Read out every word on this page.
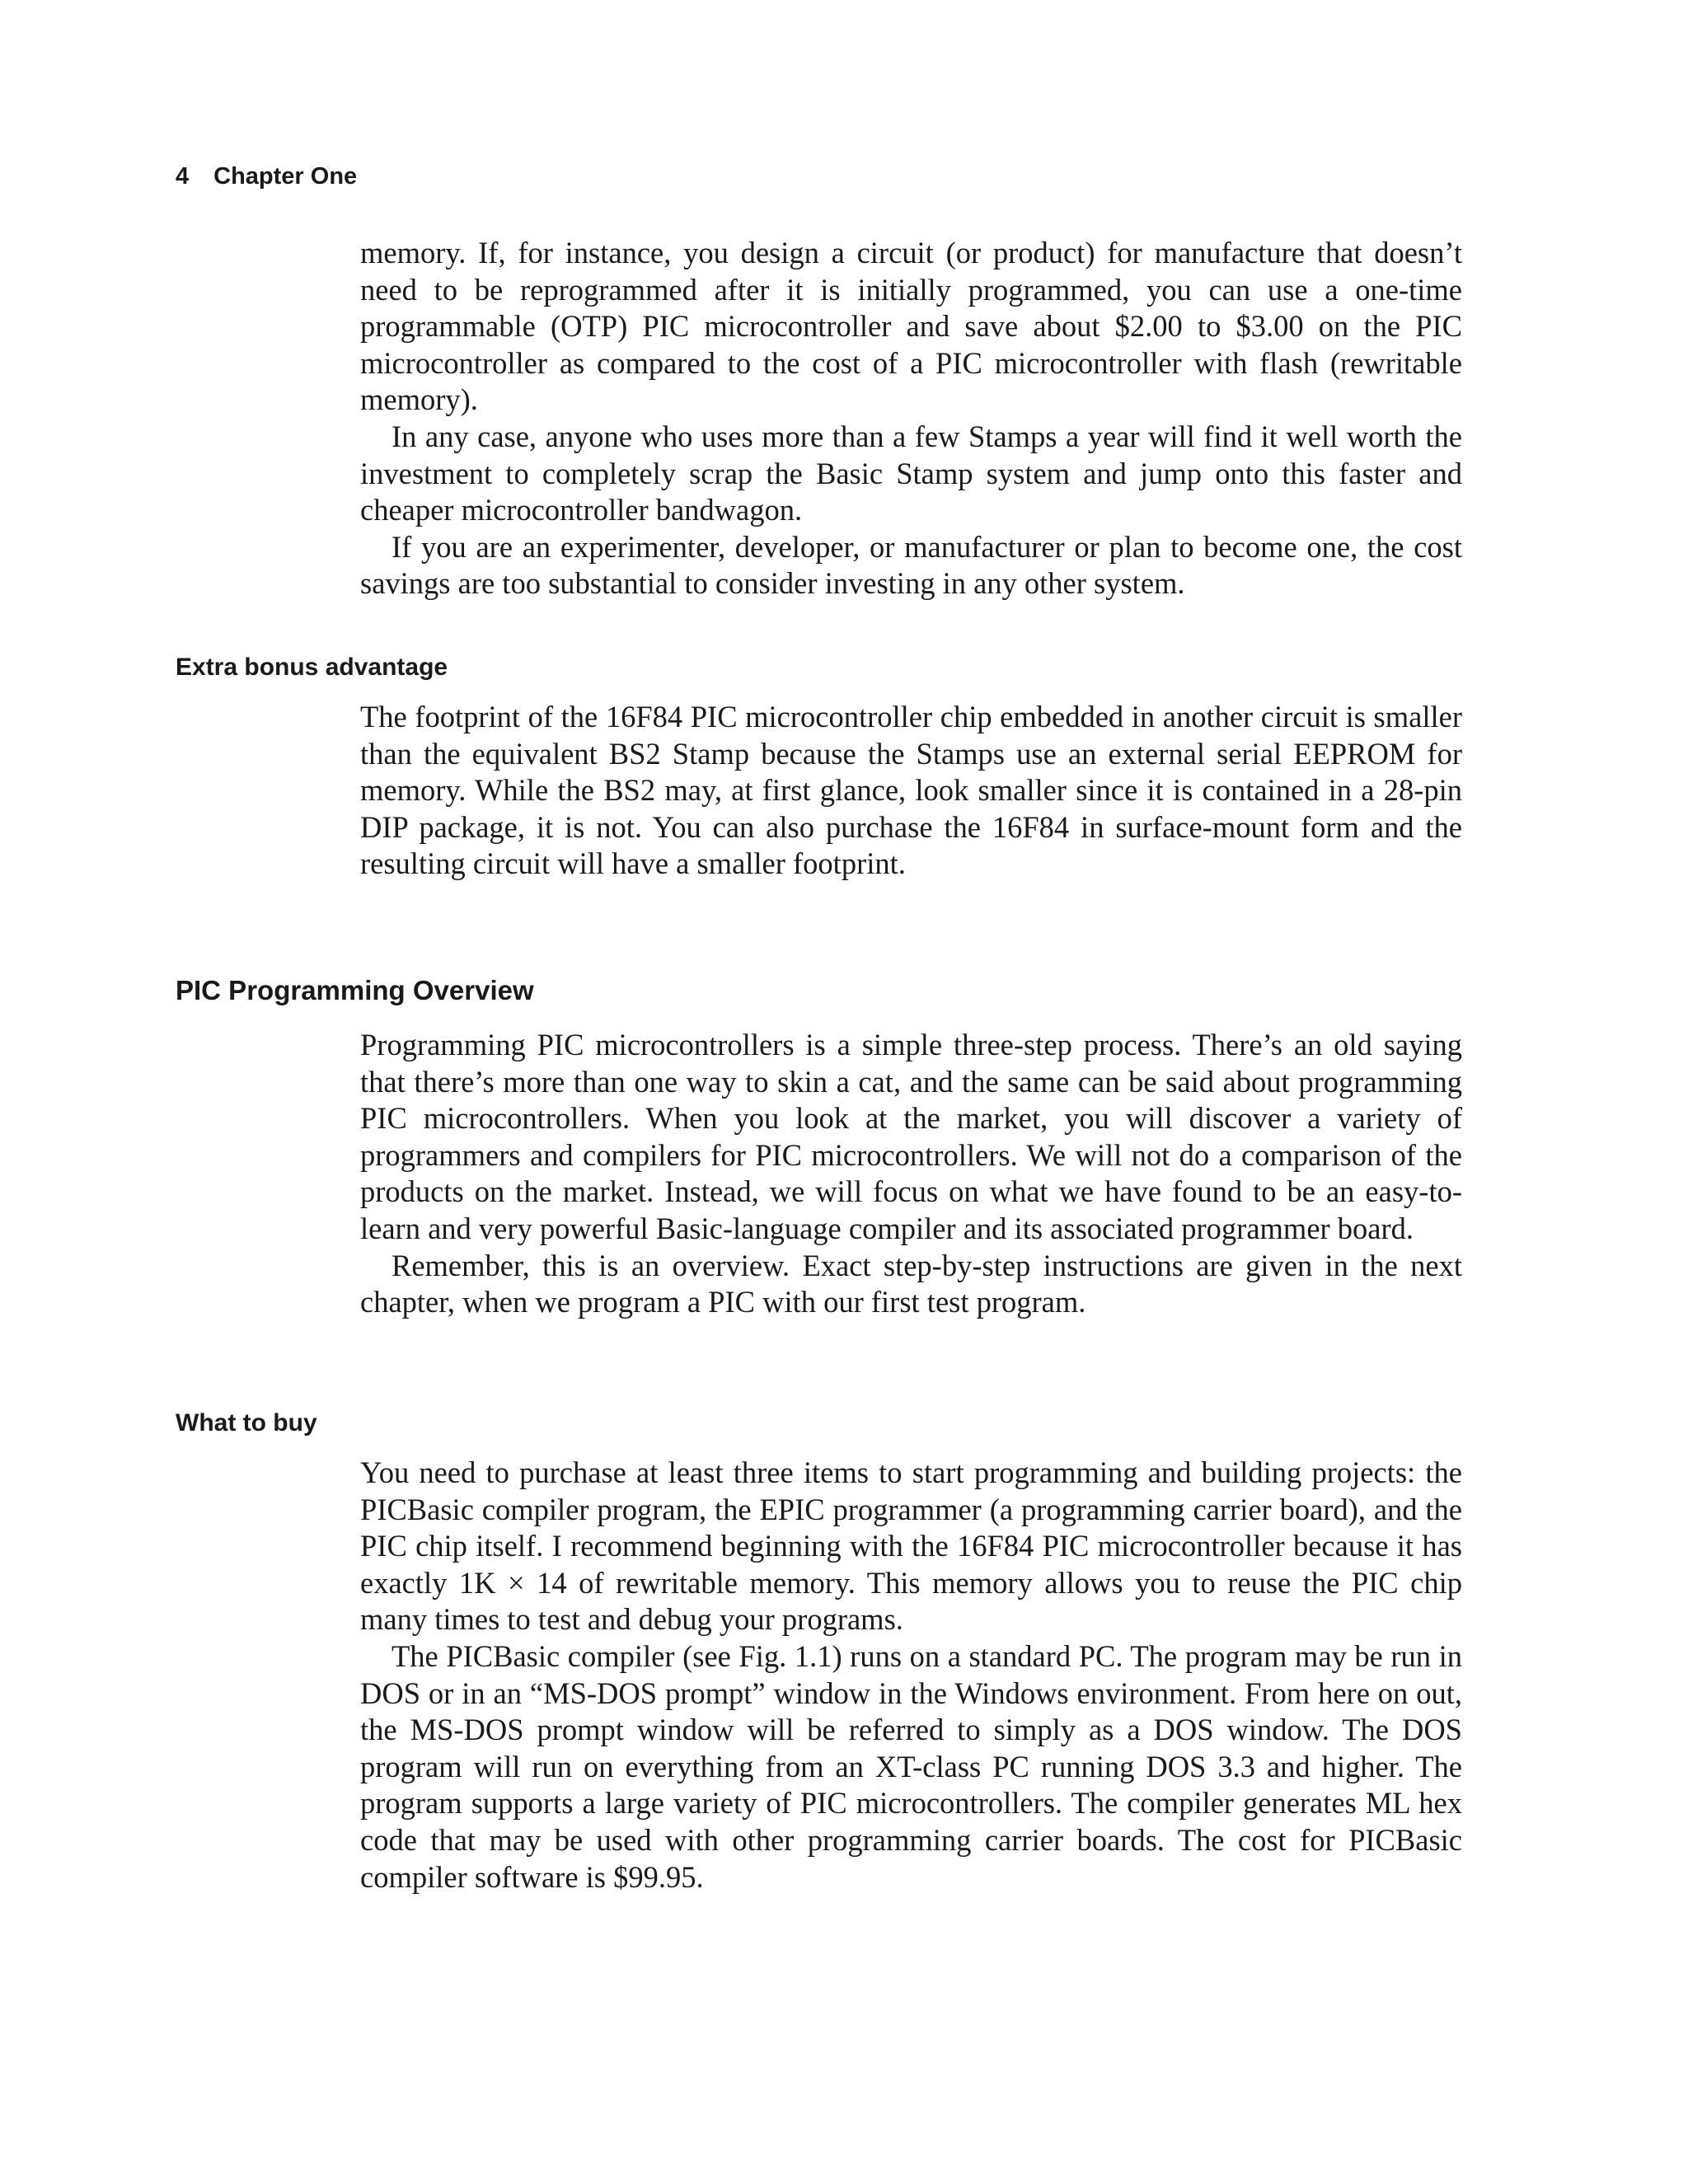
4 Chapter One

memory. If, for instance, you design a circuit (or product) for manufacture that doesn’t need to be reprogrammed after it is initially programmed, you can use a one-time programmable (OTP) PIC microcontroller and save about $2.00 to $3.00 on the PIC microcontroller as compared to the cost of a PIC microcontroller with flash (rewritable memory).

In any case, anyone who uses more than a few Stamps a year will find it well worth the investment to completely scrap the Basic Stamp system and jump onto this faster and cheaper microcontroller bandwagon.

If you are an experimenter, developer, or manufacturer or plan to become one, the cost savings are too substantial to consider investing in any other system.

Extra bonus advantage

The footprint of the 16F84 PIC microcontroller chip embedded in another circuit is smaller than the equivalent BS2 Stamp because the Stamps use an external serial EEPROM for memory. While the BS2 may, at first glance, look smaller since it is contained in a 28-pin DIP package, it is not. You can also purchase the 16F84 in surface-mount form and the resulting circuit will have a smaller footprint.

PIC Programming Overview

Programming PIC microcontrollers is a simple three-step process. There’s an old saying that there’s more than one way to skin a cat, and the same can be said about programming PIC microcontrollers. When you look at the market, you will discover a variety of programmers and compilers for PIC microcontrollers. We will not do a comparison of the products on the market. Instead, we will focus on what we have found to be an easy-to-learn and very powerful Basic-language compiler and its associated programmer board.

Remember, this is an overview. Exact step-by-step instructions are given in the next chapter, when we program a PIC with our first test program.

What to buy

You need to purchase at least three items to start programming and building projects: the PICBasic compiler program, the EPIC programmer (a programming carrier board), and the PIC chip itself. I recommend beginning with the 16F84 PIC microcontroller because it has exactly 1K × 14 of rewritable memory. This memory allows you to reuse the PIC chip many times to test and debug your programs.

The PICBasic compiler (see Fig. 1.1) runs on a standard PC. The program may be run in DOS or in an “MS-DOS prompt” window in the Windows environment. From here on out, the MS-DOS prompt window will be referred to simply as a DOS window. The DOS program will run on everything from an XT-class PC running DOS 3.3 and higher. The program supports a large variety of PIC microcontrollers. The compiler generates ML hex code that may be used with other programming carrier boards. The cost for PICBasic compiler software is $99.95.
